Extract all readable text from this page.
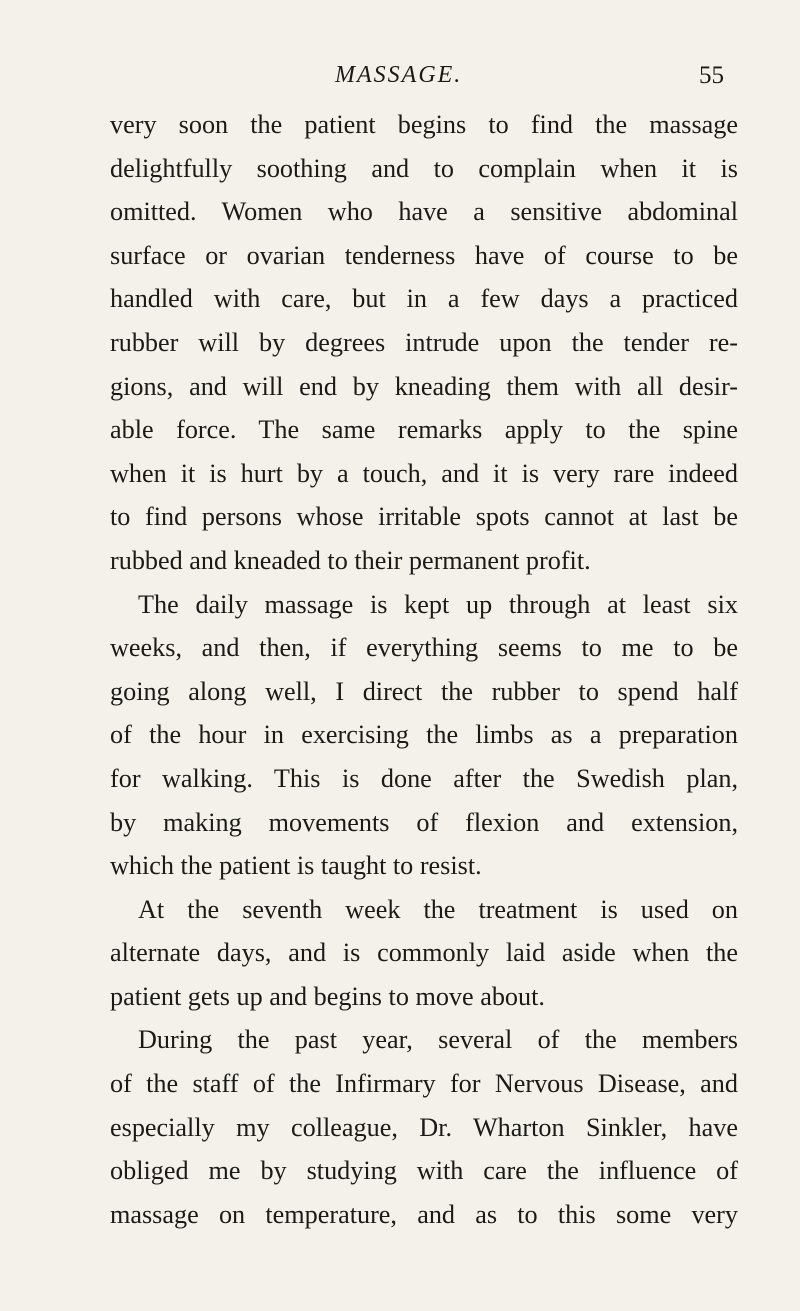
MASSAGE.	55
very soon the patient begins to find the massage
delightfully soothing and to complain when it is
omitted. Women who have a sensitive abdominal
surface or ovarian tenderness have of course to be
handled with care, but in a few days a practiced
rubber will by degrees intrude upon the tender re-
gions, and will end by kneading them with all desir-
able force. The same remarks apply to the spine
when it is hurt by a touch, and it is very rare indeed
to find persons whose irritable spots cannot at last be
rubbed and kneaded to their permanent profit.
The daily massage is kept up through at least six
weeks, and then, if everything seems to me to be
going along well, I direct the rubber to spend half
of the hour in exercising the limbs as a preparation
for walking. This is done after the Swedish plan,
by making movements of flexion and extension,
which the patient is taught to resist.
At the seventh week the treatment is used on
alternate days, and is commonly laid aside when the
patient gets up and begins to move about.
During the past year, several of the members
of the staff of the Infirmary for Nervous Disease, and
especially my colleague, Dr. Wharton Sinkler, have
obliged me by studying with care the influence of
massage on temperature, and as to this some very
